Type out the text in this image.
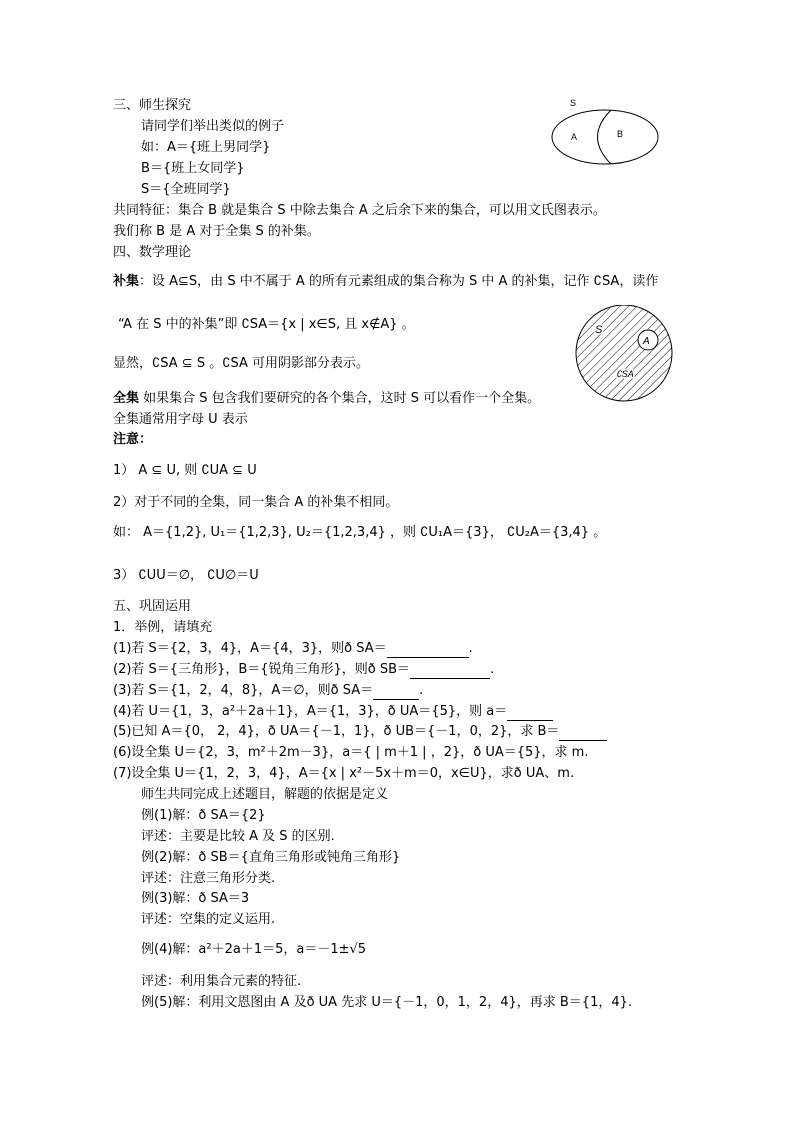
三、师生探究
请同学们举出类似的例子
如：A＝{班上男同学}
B＝{班上女同学}
S＝{全班同学}
共同特征：集合 B 就是集合 S 中除去集合 A 之后余下来的集合，可以用文氏图表示。
我们称 B 是 A 对于全集 S 的补集。
S
A	B
四、数学理论
补集：设 A⊆S，由 S 中不属于 A 的所有元素组成的集合称为 S 中 A 的补集，记作 ∁SA，读作
“A 在 S 中的补集”即 ∁SA＝{x | x∈S, 且 x∉A} 。
显然，∁SA ⊆ S 。∁SA 可用阴影部分表示。
S
A
∁SA
全集 如果集合 S 包含我们要研究的各个集合，这时 S 可以看作一个全集。
全集通常用字母 U 表示
注意：
1） A ⊆ U, 则 ∁UA ⊆ U
2）对于不同的全集，同一集合 A 的补集不相同。
如： A＝{1,2}, U₁＝{1,2,3}, U₂＝{1,2,3,4} ，则 ∁U₁A＝{3}， ∁U₂A＝{3,4} 。
3） ∁UU＝∅， ∁U∅＝U
五、巩固运用
1．举例，请填充
(1)若 S＝{2，3，4}，A＝{4，3}，则ð SA＝	.
(2)若 S＝{三角形}，B＝{锐角三角形}，则ð SB＝	.
(3)若 S＝{1，2，4，8}，A＝∅，则ð SA＝	.
(4)若 U＝{1，3，a²＋2a＋1}，A＝{1，3}，ð UA＝{5}，则 a＝
(5)已知 A＝{0， 2，4}，ð UA＝{－1，1}，ð UB＝{－1，0，2}，求 B＝
(6)设全集 U＝{2，3，m²＋2m－3}，a＝{ | m＋1 | ，2}，ð UA＝{5}，求 m.
(7)设全集 U＝{1，2，3，4}，A＝{x | x²－5x＋m＝0，x∈U}，求ð UA、m.
师生共同完成上述题目，解题的依据是定义
例(1)解：ð SA＝{2}
评述：主要是比较 A 及 S 的区别.
例(2)解：ð SB＝{直角三角形或钝角三角形}
评述：注意三角形分类.
例(3)解：ð SA＝3
评述：空集的定义运用.
例(4)解：a²＋2a＋1＝5，a＝－1±√5
评述：利用集合元素的特征.
例(5)解：利用文恩图由 A 及ð UA 先求 U＝{－1，0，1，2，4}，再求 B＝{1，4}.
